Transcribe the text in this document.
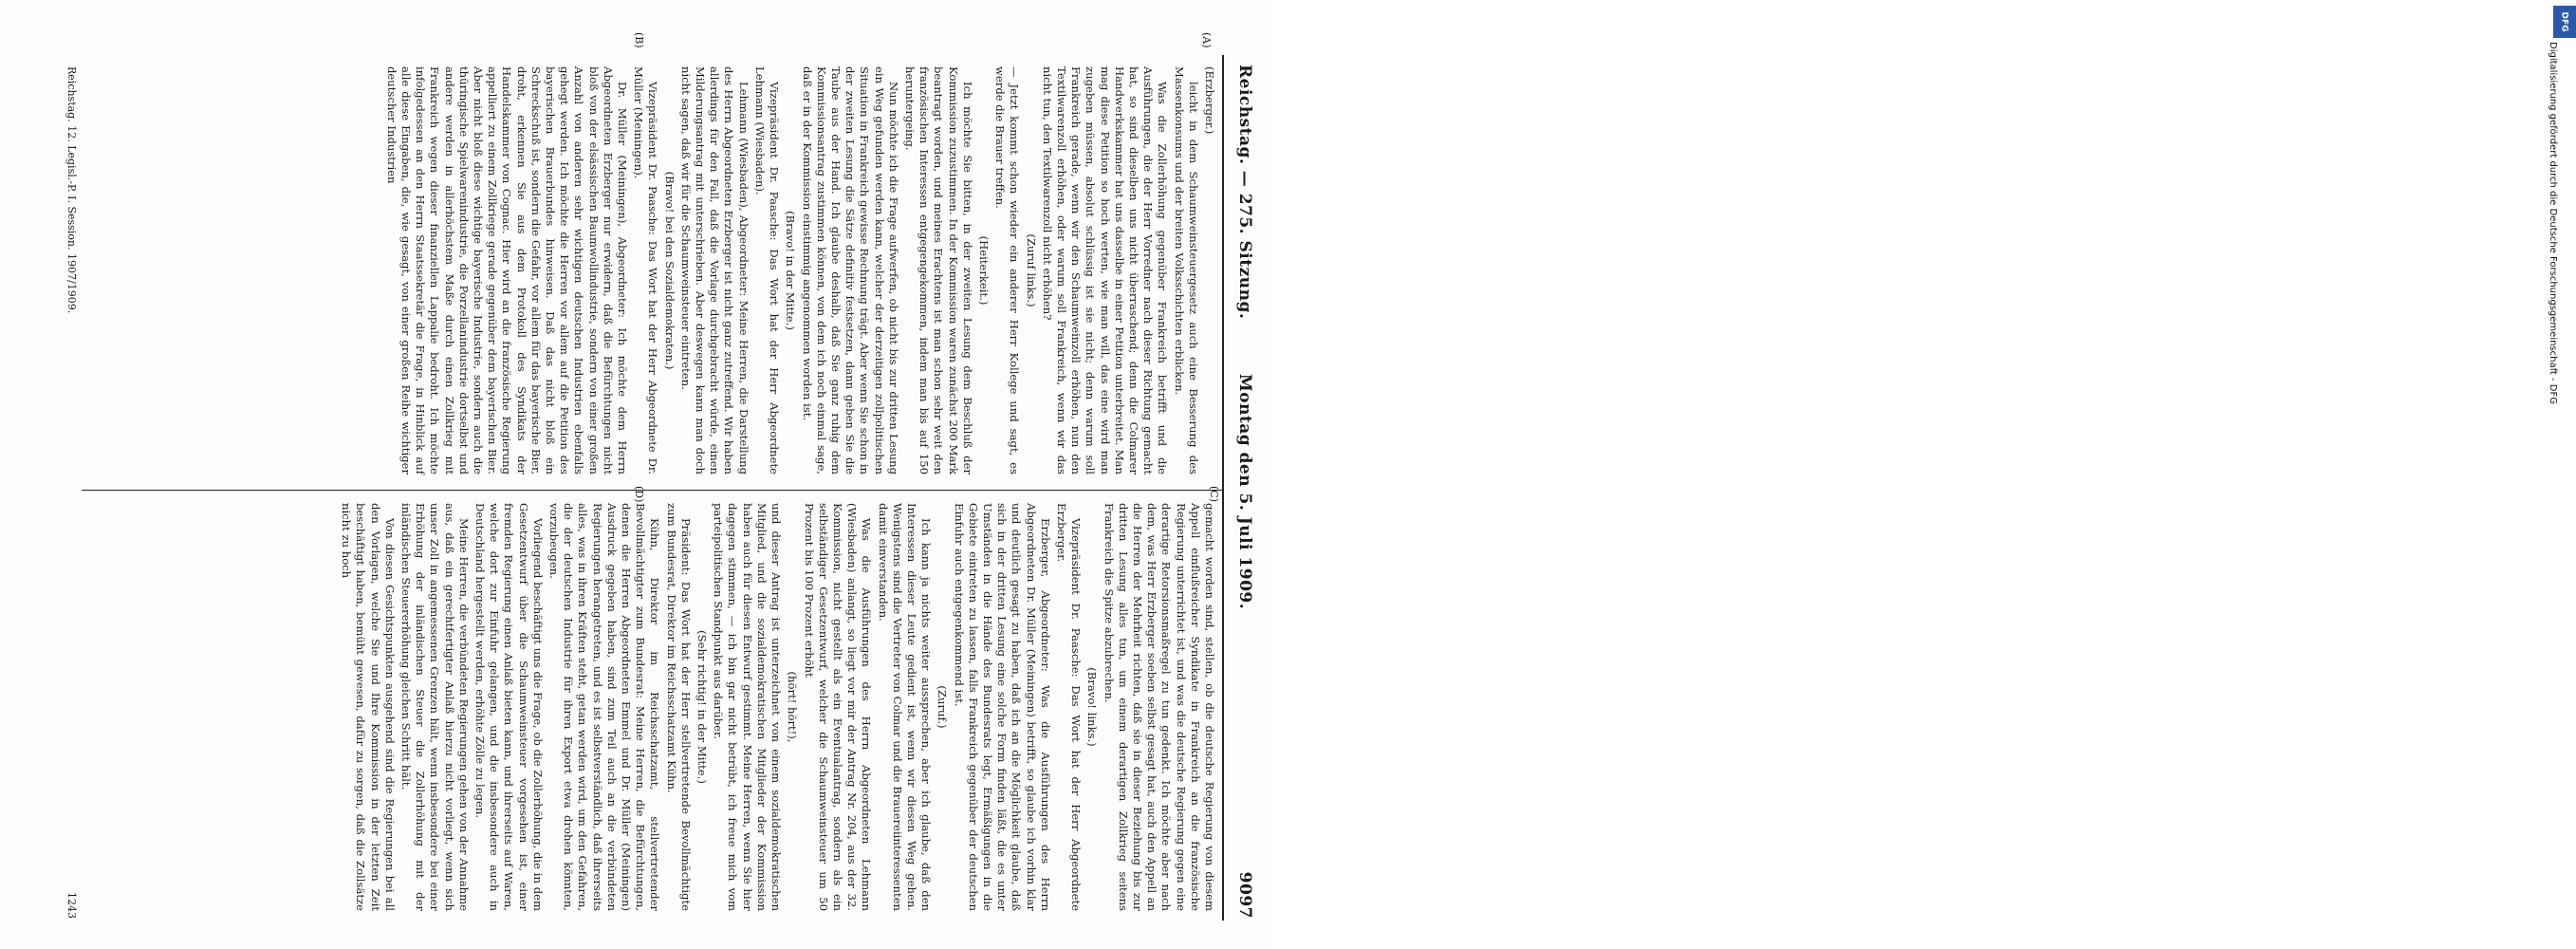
Reichstag. — 275. Sitzung.
Montag den 5. Juli 1909.
9097
(A)
(B)
(C)
(D)

(Erzberger.)

leicht in dem Schaumweinsteuergesetz auch eine Besserung des Massenkonsums und der breiten Volksschichten erblicken.

Was die Zollerhöhung gegenüber Frankreich betrifft und die Ausführungen, die der Herr Vorredner nach dieser Richtung gemacht hat, so sind dieselben uns nicht überraschend; denn die Colmarer Handwerkskammer hat uns dasselbe in einer Petition unterbreitet. Man mag diese Petition so hoch werten, wie man will, das eine wird man zugeben müssen, absolut schlüssig ist sie nicht; denn warum soll Frankreich gerade, wenn wir den Schaumweinzoll erhöhen, nun den Textilwarenzoll erhöhen, oder warum soll Frankreich, wenn wir das nicht tun, den Textilwarenzoll nicht erhöhen?

(Zuruf links.)

— Jetzt kommt schon wieder ein anderer Herr Kollege und sagt, es werde die Brauer treffen.

(Heiterkeit.)

Ich möchte Sie bitten, in der zweiten Lesung dem Beschluß der Kommission zuzustimmen. In der Kommission waren zunächst 200 Mark beantragt worden, und meines Erachtens ist man schon sehr weit den französischen Interessen entgegengekommen, indem man bis auf 150 heruntergeing.

Nun möchte ich die Frage aufwerfen, ob nicht bis zur dritten Lesung ein Weg gefunden werden kann, welcher der derzeitigen zollpolitischen Situation in Frankreich gewisse Rechnung trägt. Aber wenn Sie schon in der zweiten Lesung die Sätze definitiv festsetzen, dann geben Sie die Taube aus der Hand. Ich glaube deshalb, daß Sie ganz ruhig dem Kommissionsantrag zustimmen können, von dem ich noch einmal sage, daß er in der Kommission einstimmig angenommen worden ist.

(Bravo! in der Mitte.)

Vizepräsident Dr. Paasche: Das Wort hat der Herr Abgeordnete Lehmann (Wiesbaden).

Lehmann (Wiesbaden), Abgeordneter: Meine Herren, die Darstellung des Herrn Abgeordneten Erzberger ist nicht ganz zutreffend. Wir haben allerdings für den Fall, daß die Vorlage durchgebracht würde, einen Milderungsantrag mit unterschrieben. Aber deswegen kann man doch nicht sagen, daß wir für die Schaumweinsteuer eintreten.

(Bravo! bei den Sozialdemokraten.)

Vizepräsident Dr. Paasche: Das Wort hat der Herr Abgeordnete Dr. Müller (Meiningen).

Dr. Müller (Meiningen), Abgeordneter: Ich möchte dem Herrn Abgeordneten Erzberger nur erwidern, daß die Befürchtungen nicht bloß von der elsässischen Baumwollindustrie, sondern von einer großen Anzahl von anderen sehr wichtigen deutschen Industrien ebenfalls gehegt werden. Ich möchte die Herren vor allem auf die Petition des bayerischen Brauerbundes hinweisen. Daß das nicht bloß ein Schreckschuß ist, sondern die Gefahr, vor allem für das bayerische Bier, droht, erkennen Sie aus dem Protokoll des Syndikats der Handelskammer von Cognac. Hier wird an die französische Regierung appelliert zu einem Zollkriege gerade gegenüber dem bayerischen Bier. Aber nicht bloß diese wichtige bayerische Industrie, sondern auch die thüringische Spielwarenindustrie, die Porzellanindustrie dortselbst und andere werden in allerhöchstem Maße durch einen Zollkrieg mit Frankreich wegen dieser finanziellen Lappalie bedroht. Ich möchte infolgedessen an den Herrn Staatssekretär die Frage, in Hinblick auf alle diese Eingaben, die, wie gesagt, von einer großen Reihe wichtiger deutscher Industrien

gemacht worden sind, stellen, ob die deutsche Regierung von diesem Appell einflußreicher Syndikate in Frankreich an die französische Regierung unterrichtet ist, und was die deutsche Regierung gegen eine derartige Retorsionsmaßregel zu tun gedenkt. Ich möchte aber nach dem, was Herr Erzberger soeben selbst gesagt hat, auch den Appell an die Herren der Mehrheit richten, daß sie in dieser Beziehung bis zur dritten Lesung alles tun, um einem derartigen Zollkrieg seitens Frankreich die Spitze abzubrechen.

(Bravo! links.)

Vizepräsident Dr. Paasche: Das Wort hat der Herr Abgeordnete Erzberger.

Erzberger, Abgeordneter: Was die Ausführungen des Herrn Abgeordneten Dr. Müller (Meiningen) betrifft, so glaube ich vorhin klar und deutlich gesagt zu haben, daß ich an die Möglichkeit glaube, daß sich in der dritten Lesung eine solche Form finden läßt, die es unter Umständen in die Hände des Bundesrats legt, Ermäßigungen in die Gebiete eintreten zu lassen, falls Frankreich gegenüber der deutschen Einfuhr auch entgegenkommend ist.

(Zuruf.)

Ich kann ja nichts weiter aussprechen, aber ich glaube, daß den Interessen dieser Leute gedient ist, wenn wir diesen Weg gehen. Wenigstens sind die Vertreter von Colmar und die Brauereiinteressenten damit einverstanden.

Was die Ausführungen des Herrn Abgeordneten Lehmann (Wiesbaden) anlangt, so liegt vor mir der Antrag Nr. 204, aus der 32. Kommission, nicht gestellt als ein Eventualantrag, sondern als ein selbständiger Gesetzentwurf, welcher die Schaumweinsteuer um 50 Prozent bis 100 Prozent erhöht

(hört! hört!),

und dieser Antrag ist unterzeichnet von einem sozialdemokratischen Mitglied, und die sozialdemokratischen Mitglieder der Kommission haben auch für diesen Entwurf gestimmt. Meine Herren, wenn Sie hier dagegen stimmen, — ich bin gar nicht betrübt, ich freue mich vom parteipolitischen Standpunkt aus darüber.

(Sehr richtig! in der Mitte.)

Präsident: Das Wort hat der Herr stellvertretende Bevollmächtigte zum Bundesrat, Direktor im Reichsschatzamt Kühn.

Kühn, Direktor im Reichsschatzamt, stellvertretender Bevollmächtigter zum Bundesrat: Meine Herren, die Befürchtungen, denen die Herren Abgeordneten Emmel und Dr. Müller (Meiningen) Ausdruck gegeben haben, sind zum Teil auch an die verbündeten Regierungen herangetreten, und es ist selbstverständlich, daß ihrerseits alles, was in ihren Kräften steht, getan werden wird, um den Gefahren, die der deutschen Industrie für ihren Export etwa drohen könnten, vorzubeugen.

Vorliegend beschäftigt uns die Frage, ob die Zollerhöhung, die in dem Gesetzentwurf über die Schaumweinsteuer vorgesehen ist, einer fremden Regierung einen Anlaß bieten kann, und ihrerseits auf Waren, welche dort zur Einfuhr gelangen, und die insbesondere auch in Deutschland hergestellt werden, erhöhte Zölle zu legen.

Meine Herren, die verbündeten Regierungen gehen von der Annahme aus, daß ein gerechtfertigter Anlaß hierzu nicht vorliegt, wenn sich unser Zoll in angemessenen Grenzen hält, wenn insbesondere bei einer Erhöhung der inländischen Steuer die Zollerhöhung mit der inländischen Steuererhöhung gleichen Schritt hält.

Von diesen Gesichtspunkten ausgehend sind die Regierungen bei all den Vorlagen, welche Sie und Ihre Kommission in der letzten Zeit beschäftigt haben, bemüht gewesen, dafür zu sorgen, daß die Zollsätze nicht zu hoch

Reichstag. 12. Legisl.-P. I. Session. 1907/1909.
1243
DFG
Digitalisierung gefördert durch die Deutsche Forschungsgemeinschaft - DFG
